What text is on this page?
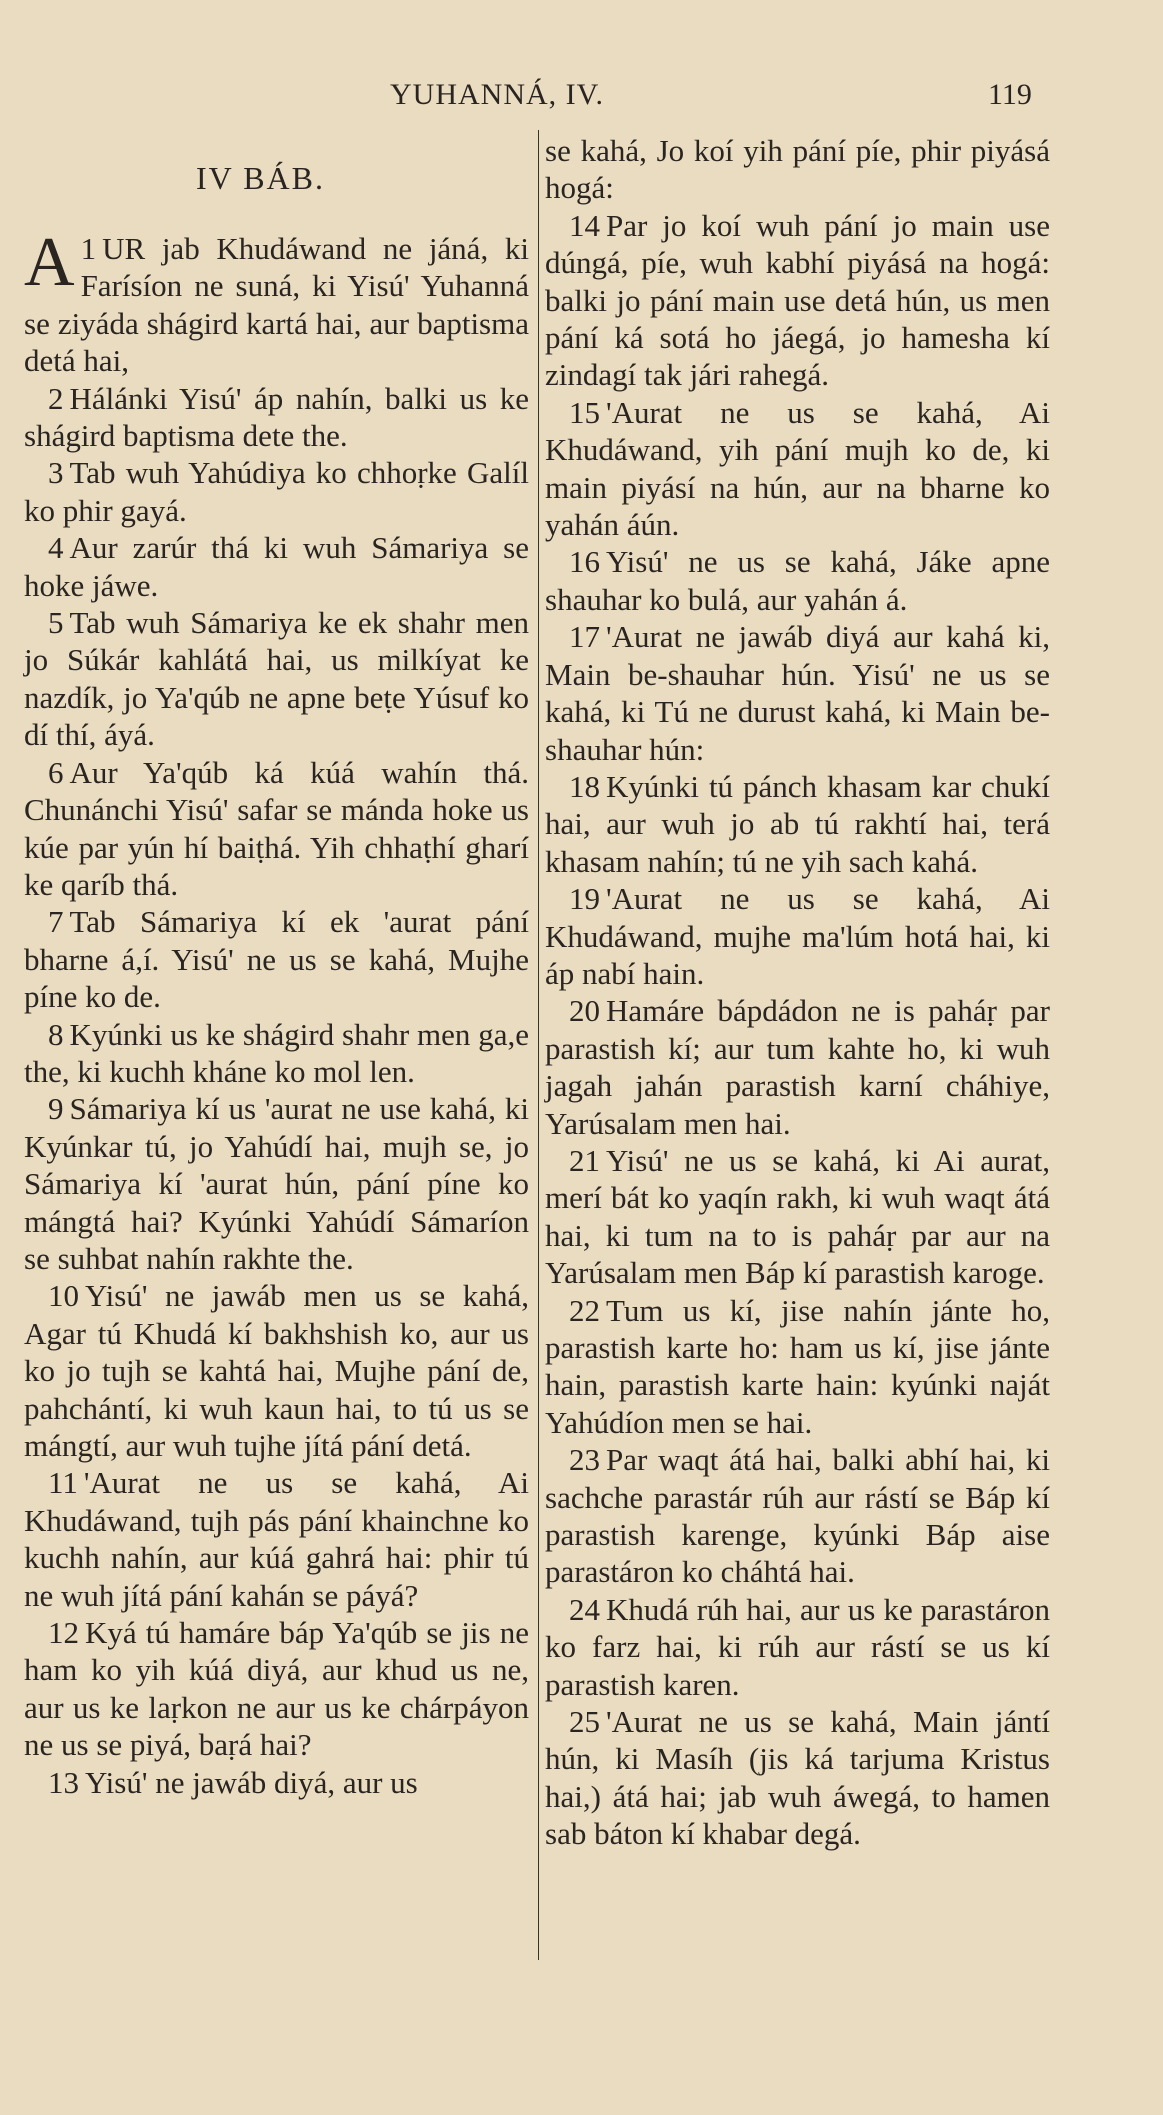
YUHANNÁ, IV.	119
IV BÁB.

1
A UR jab Khudáwand ne jáná, ki Farísíon ne suná, ki Yisú' Yuhanná se ziyáda shágird kartá hai, aur baptisma detá hai,

2 Hálánki Yisú' áp nahín, balki us ke shágird baptisma dete the.

3 Tab wuh Yahúdiya ko chhoṛke Galíl ko phir gayá.

4 Aur zarúr thá ki wuh Sámariya se hoke jáwe.

5 Tab wuh Sámariya ke ek shahr men jo Súkár kahlátá hai, us milkíyat ke nazdík, jo Ya'qúb ne apne beṭe Yúsuf ko dí thí, áyá.

6 Aur Ya'qúb ká kúá wahín thá. Chunánchi Yisú' safar se mánda hoke us kúe par yún hí baiṭhá. Yih chhaṭhí gharí ke qaríb thá.

7 Tab Sámariya kí ek 'aurat pání bharne á,í. Yisú' ne us se kahá, Mujhe píne ko de.

8 Kyúnki us ke shágird shahr men ga,e the, ki kuchh kháne ko mol len.

9 Sámariya kí us 'aurat ne use kahá, ki Kyúnkar tú, jo Yahúdí hai, mujh se, jo Sámariya kí 'aurat hún, pání píne ko mángtá hai? Kyúnki Yahúdí Sámaríon se suhbat nahín rakhte the.

10 Yisú' ne jawáb men us se kahá, Agar tú Khudá kí bakhshish ko, aur us ko jo tujh se kahtá hai, Mujhe pání de, pahchántí, ki wuh kaun hai, to tú us se mángtí, aur wuh tujhe jítá pání detá.

11 'Aurat ne us se kahá, Ai Khudáwand, tujh pás pání khainchne ko kuchh nahín, aur kúá gahrá hai: phir tú ne wuh jítá pání kahán se páyá?

12 Kyá tú hamáre báp Ya'qúb se jis ne ham ko yih kúá diyá, aur khud us ne, aur us ke laṛkon ne aur us ke chárpáyon ne us se piyá, baṛá hai?

13 Yisú' ne jawáb diyá, aur us

se kahá, Jo koí yih pání píe, phir piyásá hogá:

14 Par jo koí wuh pání jo main use dúngá, píe, wuh kabhí piyásá na hogá: balki jo pání main use detá hún, us men pání ká sotá ho jáegá, jo hamesha kí zindagí tak jári rahegá.

15 'Aurat ne us se kahá, Ai Khudáwand, yih pání mujh ko de, ki main piyásí na hún, aur na bharne ko yahán áún.

16 Yisú' ne us se kahá, Jáke apne shauhar ko bulá, aur yahán á.

17 'Aurat ne jawáb diyá aur kahá ki, Main be-shauhar hún. Yisú' ne us se kahá, ki Tú ne durust kahá, ki Main be-shauhar hún:

18 Kyúnki tú pánch khasam kar chukí hai, aur wuh jo ab tú rakhtí hai, terá khasam nahín; tú ne yih sach kahá.

19 'Aurat ne us se kahá, Ai Khudáwand, mujhe ma'lúm hotá hai, ki áp nabí hain.

20 Hamáre bápdádon ne is paháṛ par parastish kí; aur tum kahte ho, ki wuh jagah jahán parastish karní cháhiye, Yarúsalam men hai.

21 Yisú' ne us se kahá, ki Ai aurat, merí bát ko yaqín rakh, ki wuh waqt átá hai, ki tum na to is paháṛ par aur na Yarúsalam men Báp kí parastish karoge.

22 Tum us kí, jise nahín jánte ho, parastish karte ho: ham us kí, jise jánte hain, parastish karte hain: kyúnki naját Yahúdíon men se hai.

23 Par waqt átá hai, balki abhí hai, ki sachche parastár rúh aur rástí se Báp kí parastish karenge, kyúnki Báp aise parastáron ko cháhtá hai.

24 Khudá rúh hai, aur us ke parastáron ko farz hai, ki rúh aur rástí se us kí parastish karen.

25 'Aurat ne us se kahá, Main jántí hún, ki Masíh (jis ká tarjuma Kristus hai,) átá hai; jab wuh áwegá, to hamen sab báton kí khabar degá.
